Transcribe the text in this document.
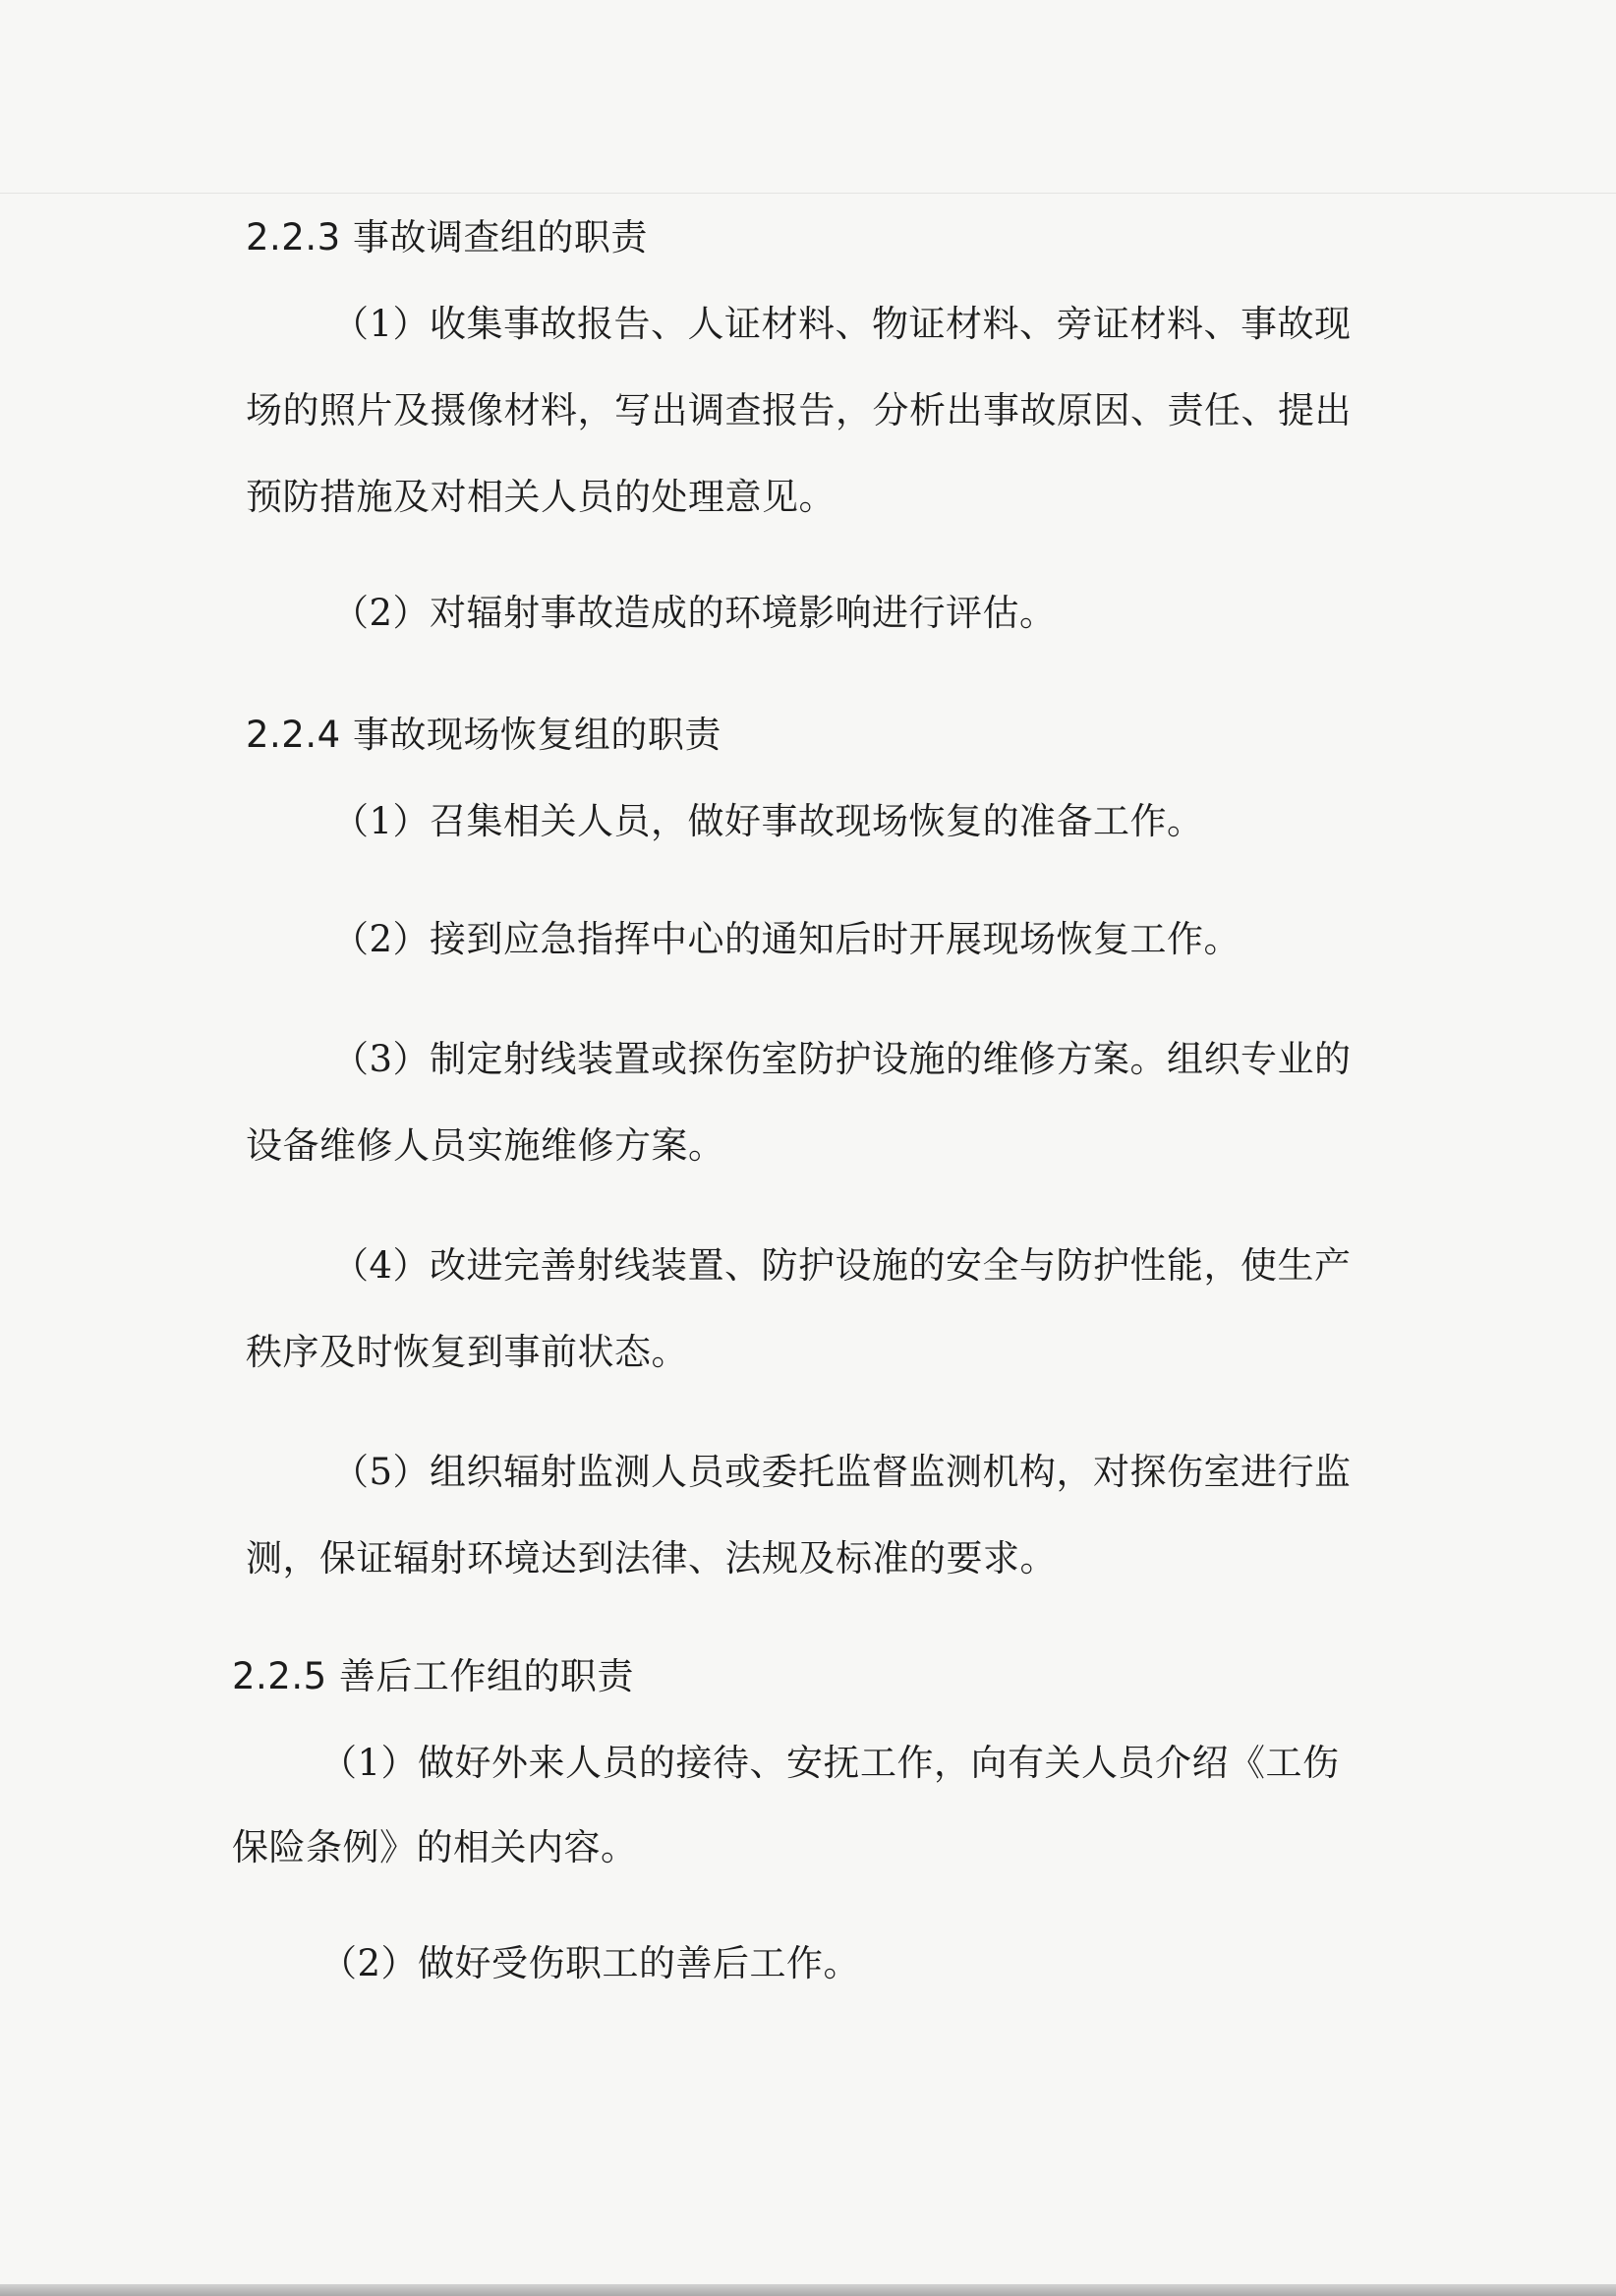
2.2.3 事故调查组的职责
（1）收集事故报告、人证材料、物证材料、旁证材料、事故现
场的照片及摄像材料，写出调查报告，分析出事故原因、责任、提出
预防措施及对相关人员的处理意见。
（2）对辐射事故造成的环境影响进行评估。
2.2.4 事故现场恢复组的职责
（1）召集相关人员，做好事故现场恢复的准备工作。
（2）接到应急指挥中心的通知后时开展现场恢复工作。
（3）制定射线装置或探伤室防护设施的维修方案。组织专业的
设备维修人员实施维修方案。
（4）改进完善射线装置、防护设施的安全与防护性能，使生产
秩序及时恢复到事前状态。
（5）组织辐射监测人员或委托监督监测机构，对探伤室进行监
测，保证辐射环境达到法律、法规及标准的要求。
2.2.5 善后工作组的职责
（1）做好外来人员的接待、安抚工作，向有关人员介绍《工伤
保险条例》的相关内容。
（2）做好受伤职工的善后工作。
